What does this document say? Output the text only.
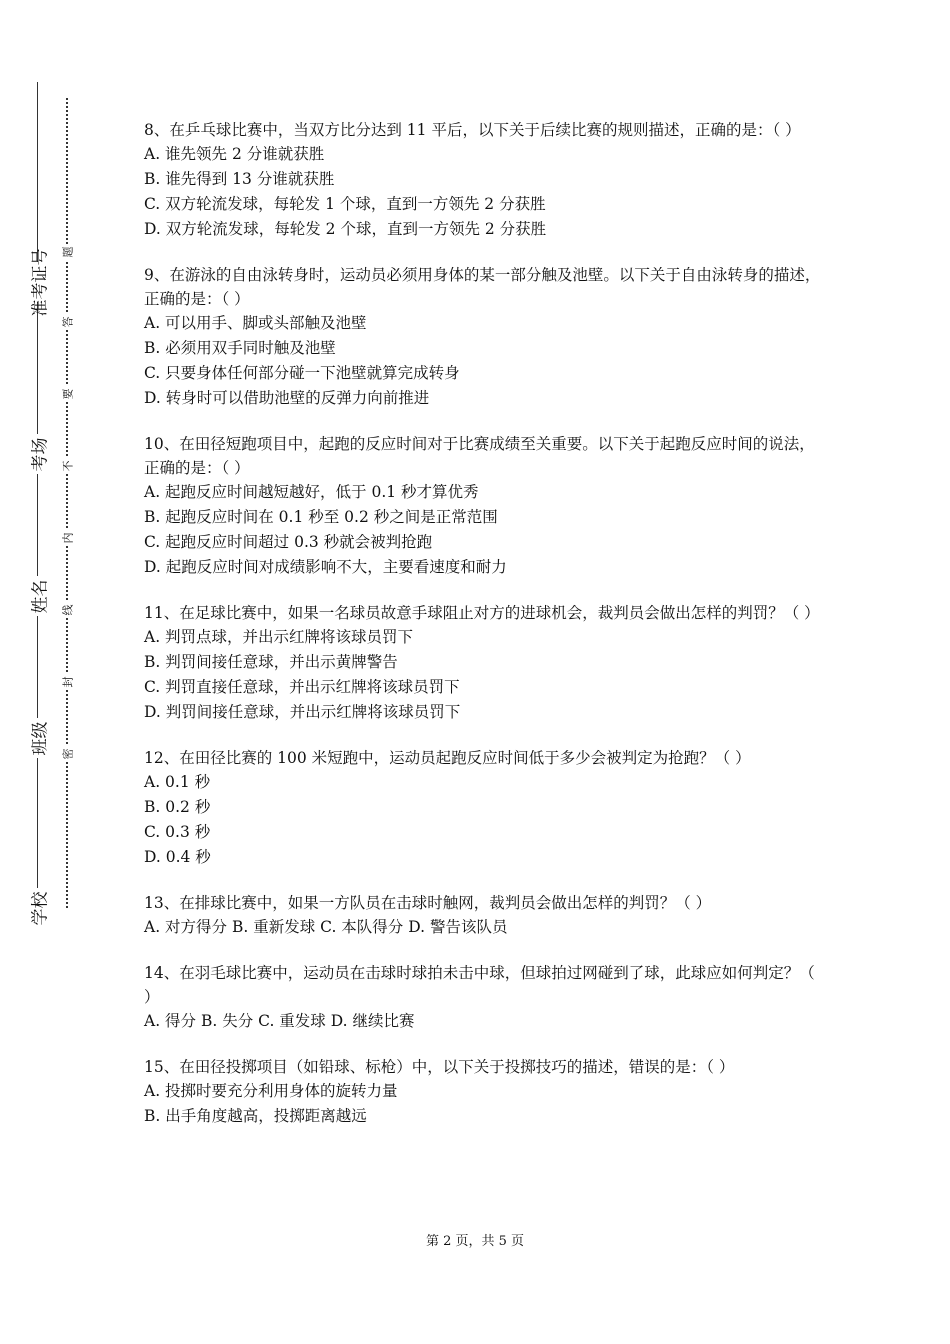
准考证号
考场
姓名
班级
学校
题
答
要
不
内
线
封
密

8、在乒乓球比赛中，当双方比分达到 11 平后，以下关于后续比赛的规则描述，正确的是：（ ）

A. 谁先领先 2 分谁就获胜

B. 谁先得到 13 分谁就获胜

C. 双方轮流发球，每轮发 1 个球，直到一方领先 2 分获胜

D. 双方轮流发球，每轮发 2 个球，直到一方领先 2 分获胜

9、在游泳的自由泳转身时，运动员必须用身体的某一部分触及池壁。以下关于自由泳转身的描述，正确的是：（ ）

A. 可以用手、脚或头部触及池壁

B. 必须用双手同时触及池壁

C. 只要身体任何部分碰一下池壁就算完成转身

D. 转身时可以借助池壁的反弹力向前推进

10、在田径短跑项目中，起跑的反应时间对于比赛成绩至关重要。以下关于起跑反应时间的说法，正确的是：（ ）

A. 起跑反应时间越短越好，低于 0.1 秒才算优秀

B. 起跑反应时间在 0.1 秒至 0.2 秒之间是正常范围

C. 起跑反应时间超过 0.3 秒就会被判抢跑

D. 起跑反应时间对成绩影响不大，主要看速度和耐力

11、在足球比赛中，如果一名球员故意手球阻止对方的进球机会，裁判员会做出怎样的判罚？（ ）

A. 判罚点球，并出示红牌将该球员罚下

B. 判罚间接任意球，并出示黄牌警告

C. 判罚直接任意球，并出示红牌将该球员罚下

D. 判罚间接任意球，并出示红牌将该球员罚下

12、在田径比赛的 100 米短跑中，运动员起跑反应时间低于多少会被判定为抢跑？（ ）

A. 0.1 秒

B. 0.2 秒

C. 0.3 秒

D. 0.4 秒

13、在排球比赛中，如果一方队员在击球时触网，裁判员会做出怎样的判罚？（ ）

A. 对方得分 B. 重新发球 C. 本队得分 D. 警告该队员

14、在羽毛球比赛中，运动员在击球时球拍未击中球，但球拍过网碰到了球，此球应如何判定？（ ）

A. 得分 B. 失分 C. 重发球 D. 继续比赛

15、在田径投掷项目（如铅球、标枪）中，以下关于投掷技巧的描述，错误的是：（ ）

A. 投掷时要充分利用身体的旋转力量

B. 出手角度越高，投掷距离越远

第 2 页，共 5 页
